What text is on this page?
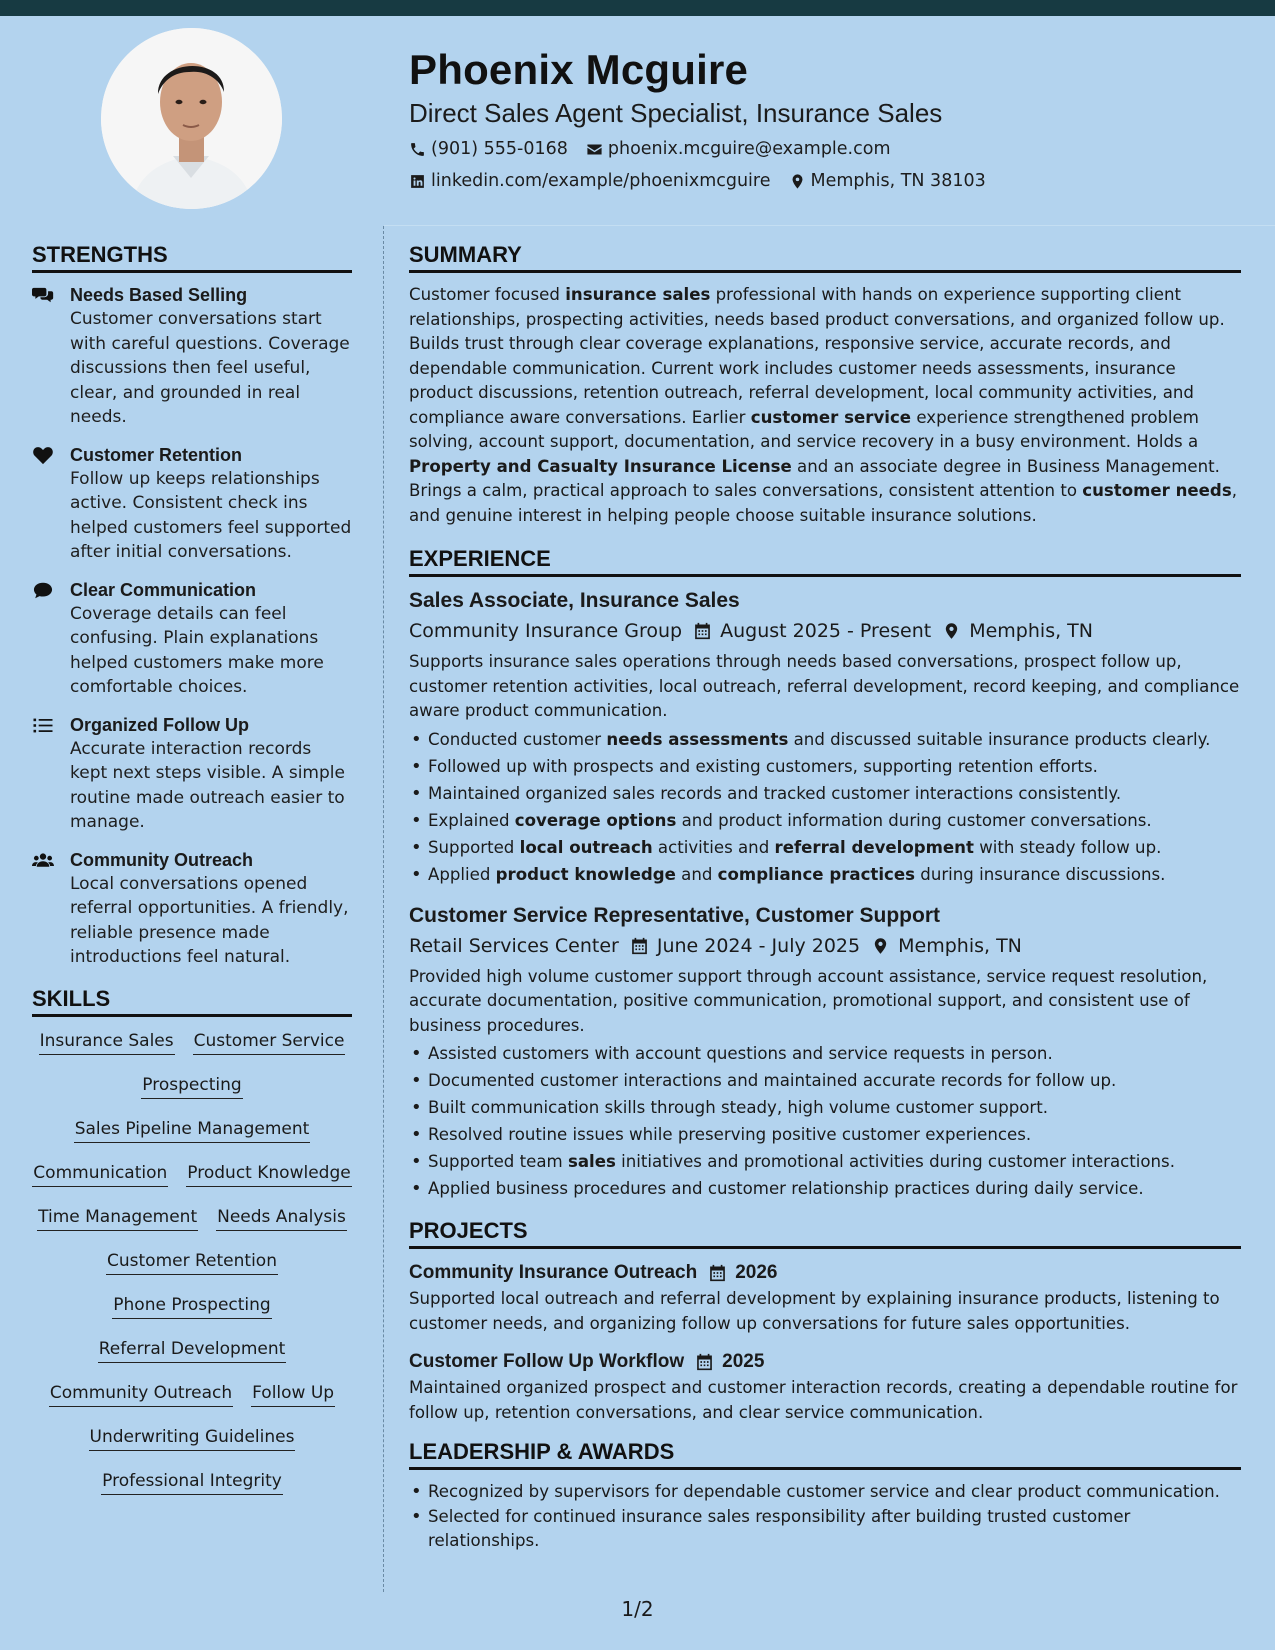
Phoenix Mcguire
Direct Sales Agent Specialist, Insurance Sales
(901) 555-0168 phoenix.mcguire@example.com
linkedin.com/example/phoenixmcguire Memphis, TN 38103
STRENGTHS
Needs Based Selling
Customer conversations start with careful questions. Coverage discussions then feel useful, clear, and grounded in real needs.
Customer Retention
Follow up keeps relationships active. Consistent check ins helped customers feel supported after initial conversations.
Clear Communication
Coverage details can feel confusing. Plain explanations helped customers make more comfortable choices.
Organized Follow Up
Accurate interaction records kept next steps visible. A simple routine made outreach easier to manage.
Community Outreach
Local conversations opened referral opportunities. A friendly, reliable presence made introductions feel natural.
SKILLS
Insurance Sales Customer Service
Prospecting
Sales Pipeline Management
Communication Product Knowledge
Time Management Needs Analysis
Customer Retention
Phone Prospecting
Referral Development
Community Outreach Follow Up
Underwriting Guidelines
Professional Integrity
SUMMARY

Customer focused insurance sales professional with hands on experience supporting client relationships, prospecting activities, needs based product conversations, and organized follow up. Builds trust through clear coverage explanations, responsive service, accurate records, and dependable communication. Current work includes customer needs assessments, insurance product discussions, retention outreach, referral development, local community activities, and compliance aware conversations. Earlier customer service experience strengthened problem solving, account support, documentation, and service recovery in a busy environment. Holds a Property and Casualty Insurance License and an associate degree in Business Management. Brings a calm, practical approach to sales conversations, consistent attention to customer needs, and genuine interest in helping people choose suitable insurance solutions.

EXPERIENCE
Sales Associate, Insurance Sales
Community Insurance Group August 2025 - Present Memphis, TN
Supports insurance sales operations through needs based conversations, prospect follow up, customer retention activities, local outreach, referral development, record keeping, and compliance aware product communication.
• Conducted customer needs assessments and discussed suitable insurance products clearly.
• Followed up with prospects and existing customers, supporting retention efforts.
• Maintained organized sales records and tracked customer interactions consistently.
• Explained coverage options and product information during customer conversations.
• Supported local outreach activities and referral development with steady follow up.
• Applied product knowledge and compliance practices during insurance discussions.
Customer Service Representative, Customer Support
Retail Services Center June 2024 - July 2025 Memphis, TN
Provided high volume customer support through account assistance, service request resolution, accurate documentation, positive communication, promotional support, and consistent use of business procedures.
• Assisted customers with account questions and service requests in person.
• Documented customer interactions and maintained accurate records for follow up.
• Built communication skills through steady, high volume customer support.
• Resolved routine issues while preserving positive customer experiences.
• Supported team sales initiatives and promotional activities during customer interactions.
• Applied business procedures and customer relationship practices during daily service.
PROJECTS
Community Insurance Outreach 2026
Supported local outreach and referral development by explaining insurance products, listening to customer needs, and organizing follow up conversations for future sales opportunities.
Customer Follow Up Workflow 2025
Maintained organized prospect and customer interaction records, creating a dependable routine for follow up, retention conversations, and clear service communication.
LEADERSHIP & AWARDS
• Recognized by supervisors for dependable customer service and clear product communication.
• Selected for continued insurance sales responsibility after building trusted customer relationships.
1/2
